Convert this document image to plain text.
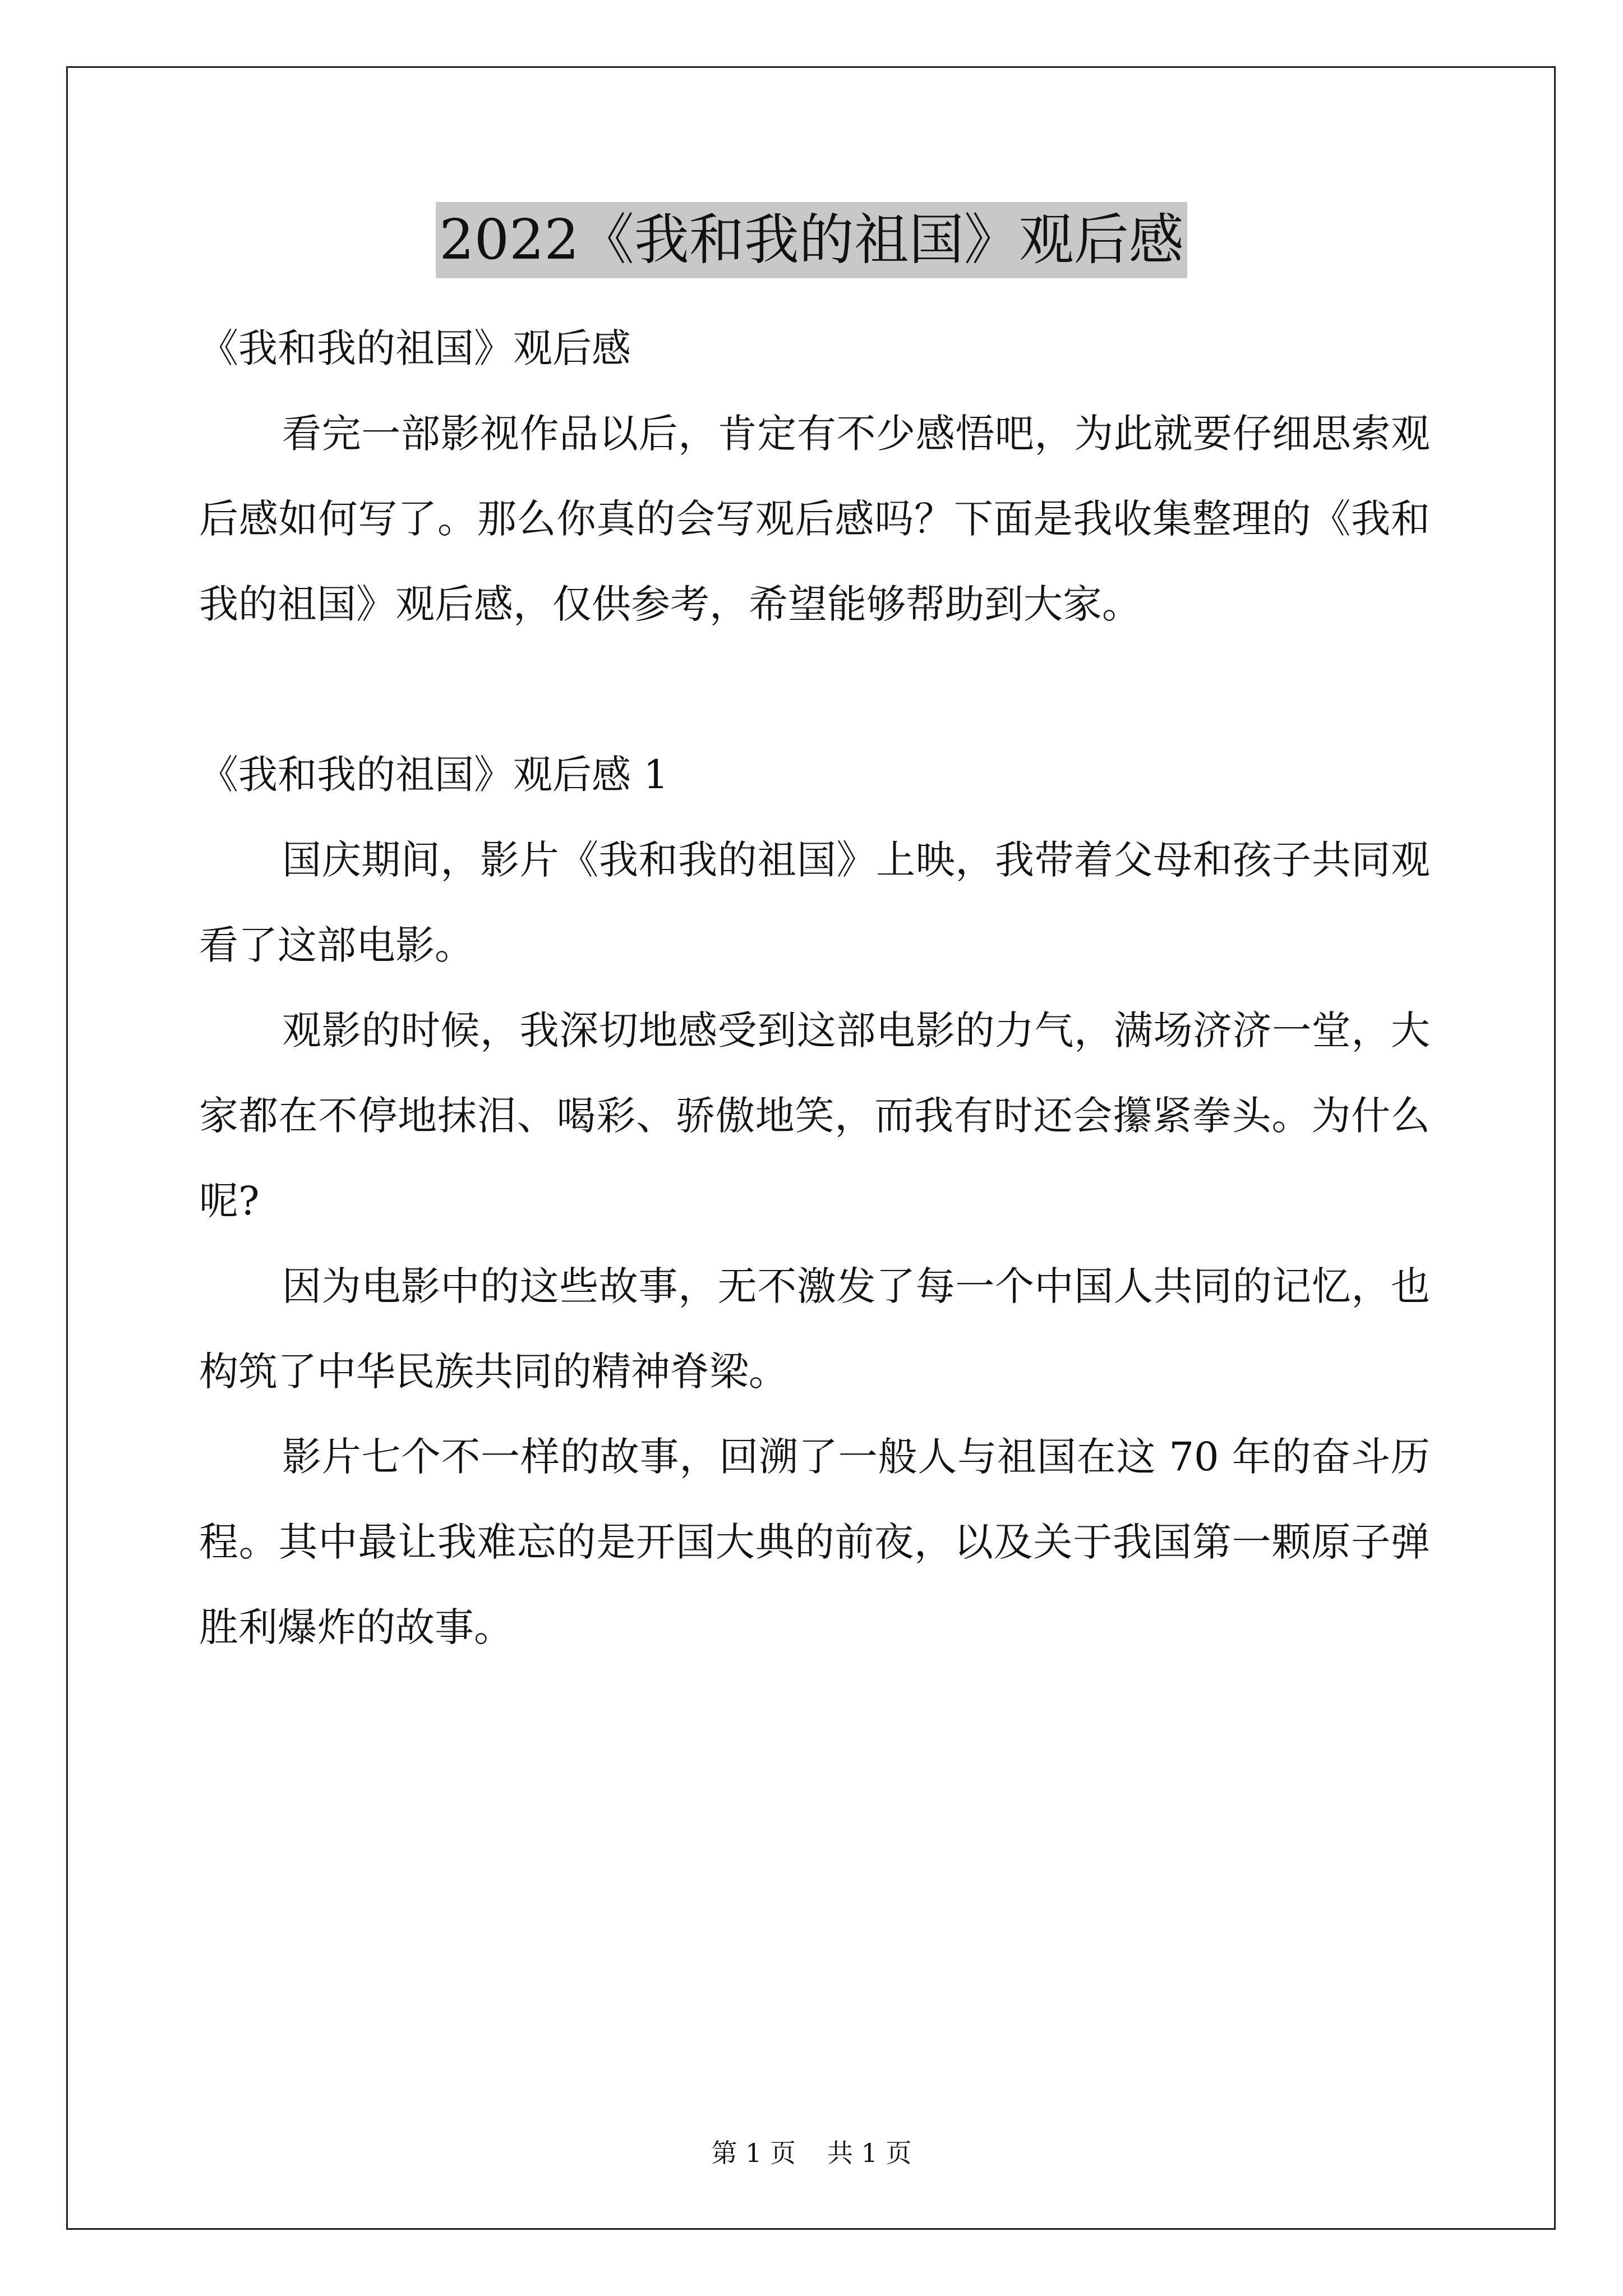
2022《我和我的祖国》观后感

《我和我的祖国》观后感

看完一部影视作品以后，肯定有不少感悟吧，为此就要仔细思索观后感如何写了。那么你真的会写观后感吗？下面是我收集整理的《我和我的祖国》观后感，仅供参考，希望能够帮助到大家。

《我和我的祖国》观后感 1

国庆期间，影片《我和我的祖国》上映，我带着父母和孩子共同观看了这部电影。

观影的时候，我深切地感受到这部电影的力气，满场济济一堂，大家都在不停地抹泪、喝彩、骄傲地笑，而我有时还会攥紧拳头。为什么呢?

因为电影中的这些故事，无不激发了每一个中国人共同的记忆，也构筑了中华民族共同的精神脊梁。

影片七个不一样的故事，回溯了一般人与祖国在这 70 年的奋斗历程。其中最让我难忘的是开国大典的前夜，以及关于我国第一颗原子弹胜利爆炸的故事。

第 1 页 共 1 页
